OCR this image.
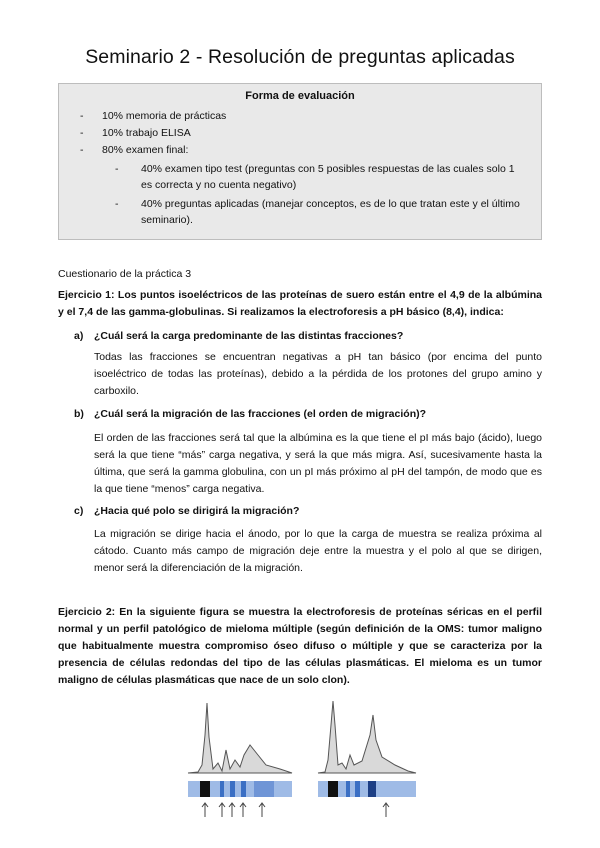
Seminario 2 - Resolución de preguntas aplicadas
Forma de evaluación
- 10% memoria de prácticas
- 10% trabajo ELISA
- 80% examen final:
- 40% examen tipo test (preguntas con 5 posibles respuestas de las cuales solo 1 es correcta y no cuenta negativo)
- 40% preguntas aplicadas (manejar conceptos, es de lo que tratan este y el último seminario).
Cuestionario de la práctica 3
Ejercicio 1: Los puntos isoeléctricos de las proteínas de suero están entre el 4,9 de la albúmina y el 7,4 de las gamma-globulinas. Si realizamos la electroforesis a pH básico (8,4), indica:
a) ¿Cuál será la carga predominante de las distintas fracciones?
Todas las fracciones se encuentran negativas a pH tan básico (por encima del punto isoeléctrico de todas las proteínas), debido a la pérdida de los protones del grupo amino y carboxilo.
b) ¿Cuál será la migración de las fracciones (el orden de migración)?
El orden de las fracciones será tal que la albúmina es la que tiene el pI más bajo (ácido), luego será la que tiene “más” carga negativa, y será la que más migra. Así, sucesivamente hasta la última, que será la gamma globulina, con un pI más próximo al pH del tampón, de modo que es la que tiene “menos” carga negativa.
c) ¿Hacia qué polo se dirigirá la migración?
La migración se dirige hacia el ánodo, por lo que la carga de muestra se realiza próxima al cátodo. Cuanto más campo de migración deje entre la muestra y el polo al que se dirigen, menor será la diferenciación de la migración.
Ejercicio 2: En la siguiente figura se muestra la electroforesis de proteínas séricas en el perfil normal y un perfil patológico de mieloma múltiple (según definición de la OMS: tumor maligno que habitualmente muestra compromiso óseo difuso o múltiple y que se caracteriza por la presencia de células redondas del tipo de las células plasmáticas. El mieloma es un tumor maligno de células plasmáticas que nace de un solo clon).
